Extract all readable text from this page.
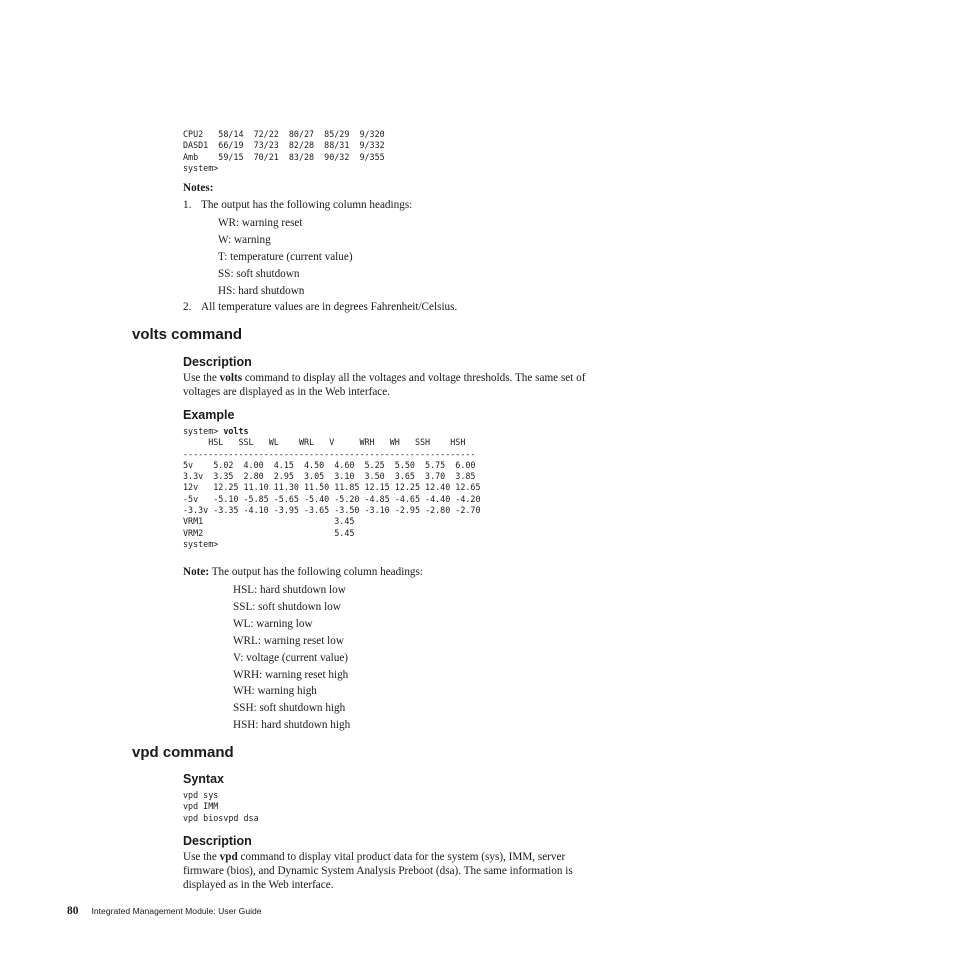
CPU2   58/14  72/22  80/27  85/29  9/320
DASD1  66/19  73/23  82/28  88/31  9/332
Amb    59/15  70/21  83/28  90/32  9/355
system>
Notes:
1. The output has the following column headings:
WR: warning reset
W: warning
T: temperature (current value)
SS: soft shutdown
HS: hard shutdown
2. All temperature values are in degrees Fahrenheit/Celsius.
volts command
Description
Use the volts command to display all the voltages and voltage thresholds. The same set of voltages are displayed as in the Web interface.
Example
system> volts
HSL   SSL   WL    WRL   V     WRH   WH   SSH    HSH
----------------------------------------------------------
5v    5.02  4.00  4.15  4.50  4.60  5.25  5.50  5.75  6.00
3.3v  3.35  2.80  2.95  3.05  3.10  3.50  3.65  3.70  3.85
12v   12.25 11.10 11.30 11.50 11.85 12.15 12.25 12.40 12.65
-5v   -5.10 -5.85 -5.65 -5.40 -5.20 -4.85 -4.65 -4.40 -4.20
-3.3v -3.35 -4.10 -3.95 -3.65 -3.50 -3.10 -2.95 -2.80 -2.70
VRM1                          3.45
VRM2                          5.45
system>
Note: The output has the following column headings:
HSL: hard shutdown low
SSL: soft shutdown low
WL: warning low
WRL: warning reset low
V: voltage (current value)
WRH: warning reset high
WH: warning high
SSH: soft shutdown high
HSH: hard shutdown high
vpd command
Syntax
vpd sys
vpd IMM
vpd biosvpd dsa
Description
Use the vpd command to display vital product data for the system (sys), IMM, server firmware (bios), and Dynamic System Analysis Preboot (dsa). The same information is displayed as in the Web interface.
80 Integrated Management Module: User Guide
